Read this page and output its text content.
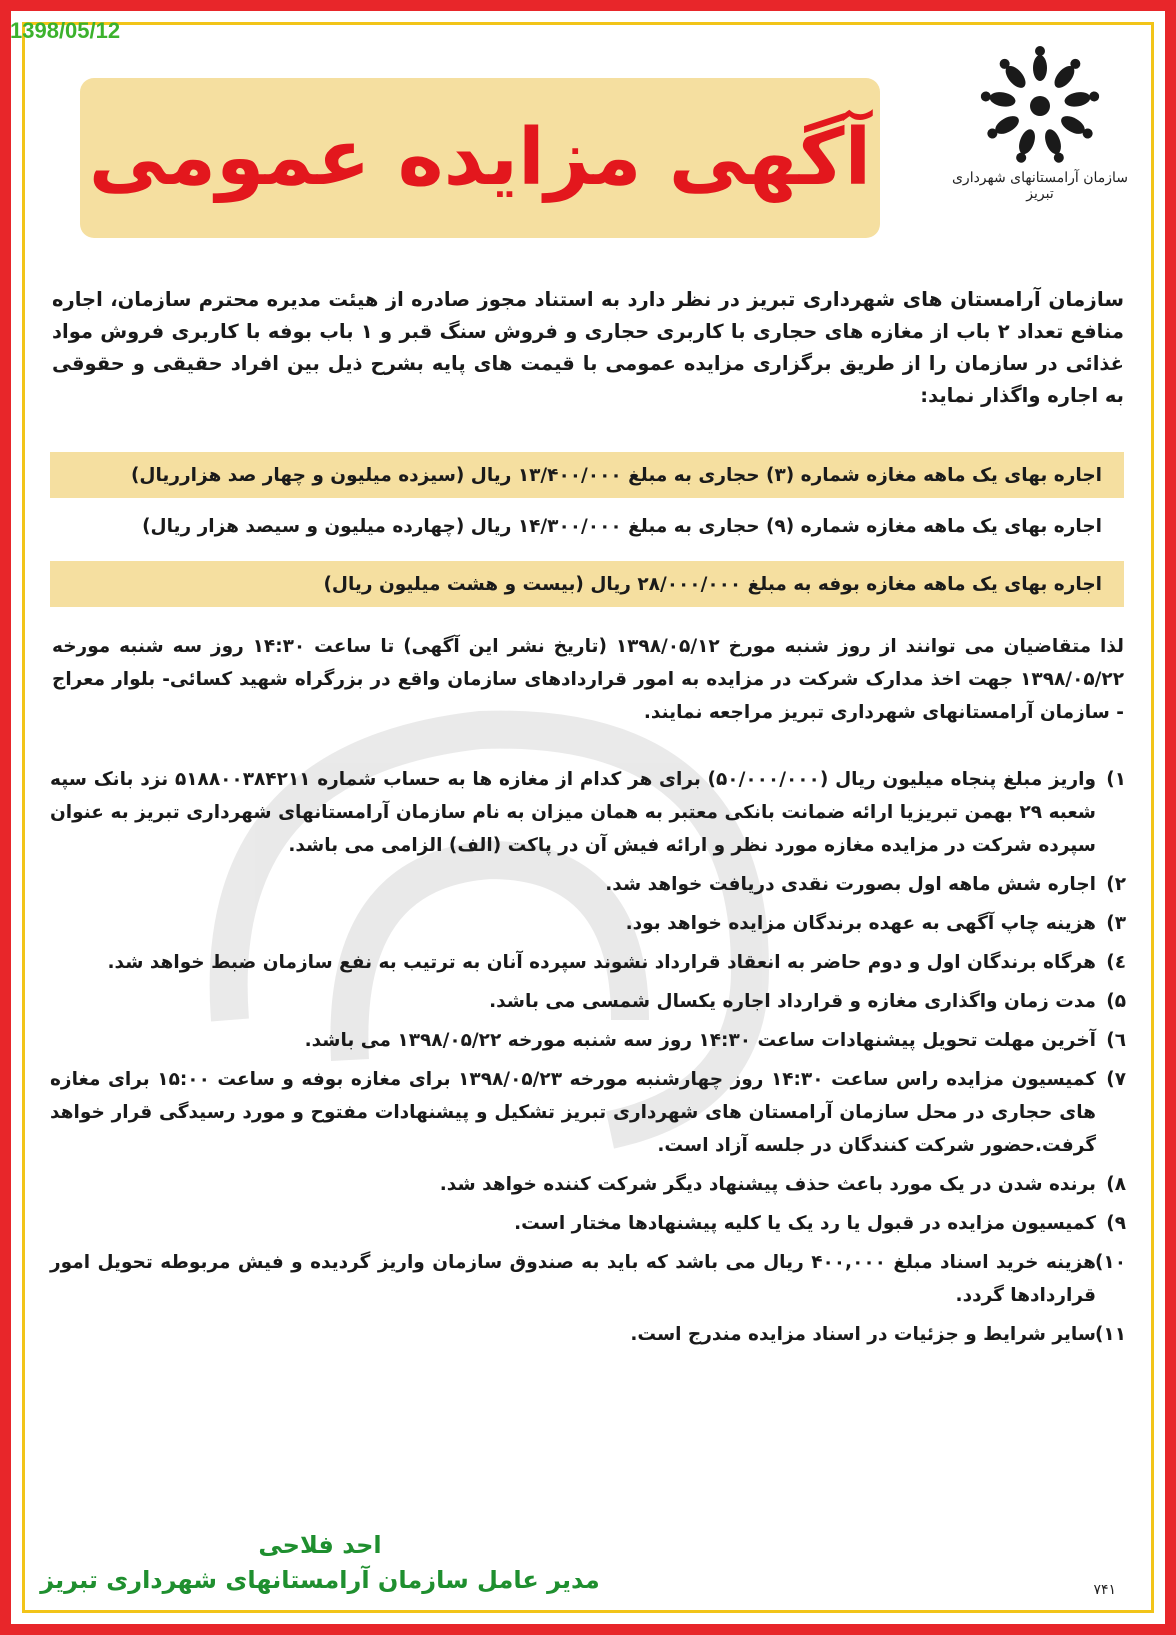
1398/05/12
آگهی مزایده عمومی	سازمان آرامستانهای شهرداری تبریز
سازمان آرامستان های شهرداری تبریز در نظر دارد به استناد مجوز صادره از هیئت مدیره محترم سازمان، اجاره منافع تعداد ۲ باب از مغازه های حجاری با کاربری حجاری و فروش سنگ قبر و ۱ باب بوفه با کاربری فروش مواد غذائی در سازمان را از طریق برگزاری مزایده عمومی با قیمت های پایه بشرح ذیل بین افراد حقیقی و حقوقی به اجاره واگذار نماید:
اجاره بهای یک ماهه مغازه شماره (۳) حجاری به مبلغ ۱۳/۴۰۰/۰۰۰ ریال (سیزده میلیون و چهار صد هزارریال)
اجاره بهای یک ماهه مغازه شماره (۹) حجاری به مبلغ ۱۴/۳۰۰/۰۰۰ ریال (چهارده میلیون و سیصد هزار ریال)
اجاره بهای یک ماهه مغازه بوفه به مبلغ ۲۸/۰۰۰/۰۰۰ ریال (بیست و هشت میلیون ریال)
لذا متقاضیان می توانند از روز شنبه مورخ ۱۳۹۸/۰۵/۱۲ (تاریخ نشر این آگهی) تا ساعت ۱۴:۳۰ روز سه شنبه مورخه ۱۳۹۸/۰۵/۲۲ جهت اخذ مدارک شرکت در مزایده به امور قراردادهای سازمان واقع در بزرگراه شهید کسائی- بلوار معراج - سازمان آرامستانهای شهرداری تبریز مراجعه نمایند.
۱)
واریز مبلغ پنجاه میلیون ریال (۵۰/۰۰۰/۰۰۰) برای هر کدام از مغازه ها به حساب شماره ۵۱۸۸۰۰۳۸۴۲۱۱ نزد بانک سپه شعبه ۲۹ بهمن تبریزیا ارائه ضمانت بانکی معتبر به همان میزان به نام سازمان آرامستانهای شهرداری تبریز به عنوان سپرده شرکت در مزایده مغازه مورد نظر و ارائه فیش آن در پاکت (الف) الزامی می باشد.
۲)
اجاره شش ماهه اول بصورت نقدی دریافت خواهد شد.
۳)
هزینه چاپ آگهی به عهده برندگان مزایده خواهد بود.
٤)
هرگاه برندگان اول و دوم حاضر به انعقاد قرارداد نشوند سپرده آنان به ترتیب به نفع سازمان ضبط خواهد شد.
۵)
مدت زمان واگذاری مغازه و قرارداد اجاره یکسال شمسی می باشد.
٦)
آخرین مهلت تحویل پیشنهادات ساعت ۱۴:۳۰ روز سه شنبه مورخه ۱۳۹۸/۰۵/۲۲ می باشد.
۷)
کمیسیون مزایده راس ساعت ۱۴:۳۰ روز چهارشنبه مورخه ۱۳۹۸/۰۵/۲۳ برای مغازه بوفه و ساعت ۱۵:۰۰ برای مغازه های حجاری در محل سازمان آرامستان های شهرداری تبریز تشکیل و پیشنهادات مفتوح و مورد رسیدگی قرار خواهد گرفت.حضور شرکت کنندگان در جلسه آزاد است.
۸)
برنده شدن در یک مورد باعث حذف پیشنهاد دیگر شرکت کننده خواهد شد.
۹)
کمیسیون مزایده در قبول یا رد یک یا کلیه پیشنهادها مختار است.
۱۰)
هزینه خرید اسناد مبلغ ۴۰۰,۰۰۰ ریال می باشد که باید به صندوق سازمان واریز گردیده و فیش مربوطه تحویل امور قراردادها گردد.
۱۱)
سایر شرایط و جزئیات در اسناد مزایده مندرج است.
احد فلاحی
مدیر عامل سازمان آرامستانهای شهرداری تبریز	۷۴۱
